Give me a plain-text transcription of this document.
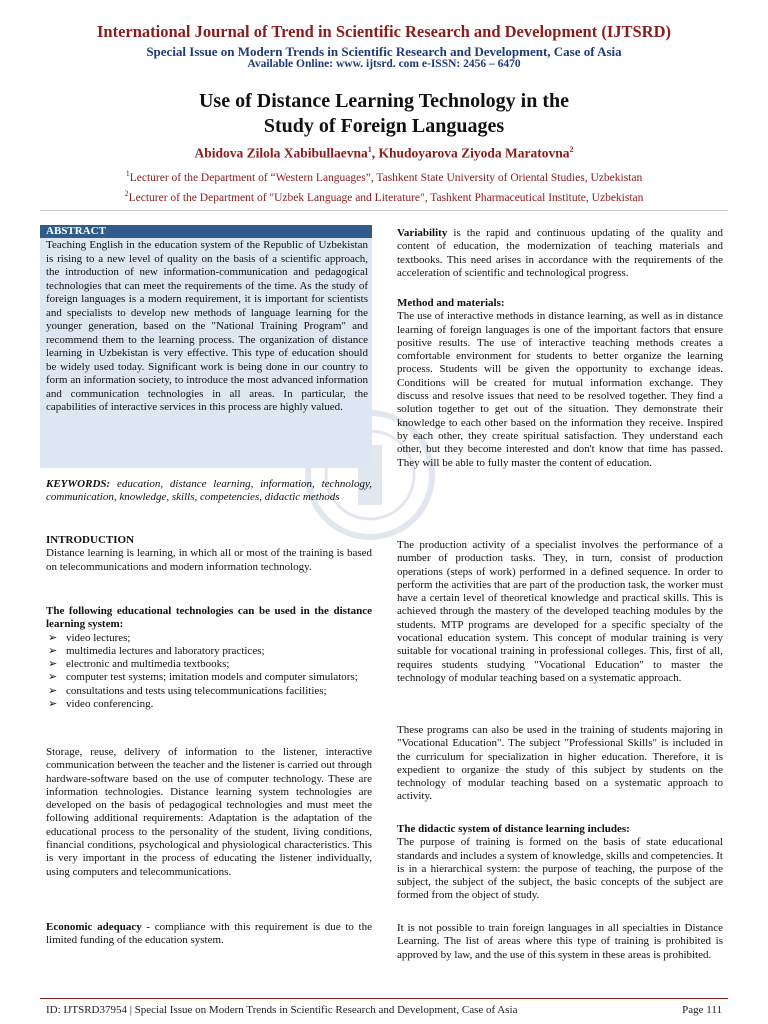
International Journal of Trend in Scientific Research and Development (IJTSRD)
Special Issue on Modern Trends in Scientific Research and Development, Case of Asia
Available Online: www. ijtsrd. com e-ISSN: 2456 – 6470
Use of Distance Learning Technology in the
Study of Foreign Languages
Abidova Zilola Xabibullaevna$^1$, Khudoyarova Ziyoda Maratovna$^2$
$^1$Lecturer of the Department of “Western Languages”, Tashkent State University of Oriental Studies, Uzbekistan
$^2$Lecturer of the Department of "Uzbek Language and Literature", Tashkent Pharmaceutical Institute, Uzbekistan
ABSTRACT
Teaching English in the education system of the Republic of Uzbekistan is rising to a new level of quality on the basis of a scientific approach, the introduction of new information-communication and pedagogical technologies that can meet the requirements of the time. As the study of foreign languages is a modern requirement, it is important for scientists and specialists to develop new methods of language learning for the younger generation, based on the "National Training Program" and recommend them to the learning process. The organization of distance learning in Uzbekistan is very effective. This type of education should be widely used today. Significant work is being done in our country to form an information society, to introduce the most advanced information and communication technologies in all areas. In particular, the capabilities of interactive services in this process are highly valued.
KEYWORDS: education, distance learning, information, technology, communication, knowledge, skills, competencies, didactic methods

INTRODUCTION

Distance learning is learning, in which all or most of the training is based on telecommunications and modern information technology.

The following educational technologies can be used in the distance learning system:

➢ video lectures;
➢ multimedia lectures and laboratory practices;
➢ electronic and multimedia textbooks;
➢ computer test systems; imitation models and computer simulators;
➢ consultations and tests using telecommunications facilities;
➢ video conferencing.
Storage, reuse, delivery of information to the listener, interactive communication between the teacher and the listener is carried out through hardware-software based on the use of computer technology. These are information technologies. Distance learning system technologies are developed on the basis of pedagogical technologies and must meet the following additional requirements: Adaptation is the adaptation of the educational process to the personality of the student, living conditions, financial conditions, psychological and physiological characteristics. This is very important in the process of educating the listener individually, using computers and telecommunications.
Economic adequacy - compliance with this requirement is due to the limited funding of the education system.
Variability is the rapid and continuous updating of the quality and content of education, the modernization of teaching materials and textbooks. This need arises in accordance with the requirements of the acceleration of scientific and technological progress.

Method and materials:

The use of interactive methods in distance learning, as well as in distance learning of foreign languages is one of the important factors that ensure positive results. The use of interactive teaching methods creates a comfortable environment for students to better organize the learning process. Students will be given the opportunity to exchange ideas. Conditions will be created for mutual information exchange. They discuss and resolve issues that need to be resolved together. They find a solution together to get out of the situation. They demonstrate their knowledge to each other based on the information they receive. Inspired by each other, they create spiritual satisfaction. They understand each other, but they become interested and don't know that time has passed. They will be able to fully master the content of education.

The production activity of a specialist involves the performance of a number of production tasks. They, in turn, consist of production operations (steps of work) performed in a defined sequence. In order to perform the activities that are part of the production task, the worker must have a certain level of theoretical knowledge and practical skills. This is achieved through the mastery of the developed teaching modules by the students. MTP programs are developed for a specific specialty of the vocational education system. This concept of modular training is very suitable for vocational training in professional colleges. This, first of all, requires students studying "Vocational Education" to master the technology of modular teaching based on a systematic approach.
These programs can also be used in the training of students majoring in "Vocational Education". The subject "Professional Skills" is included in the curriculum for specialization in higher education. Therefore, it is expedient to organize the study of this subject by students on the technology of modular teaching based on a systematic approach to activity.

The didactic system of distance learning includes:

The purpose of training is formed on the basis of state educational standards and includes a system of knowledge, skills and competencies. It is in a hierarchical system: the purpose of teaching, the purpose of the subject, the subject of the subject, the basic concepts of the subject are formed from the object of study.

It is not possible to train foreign languages in all specialties in Distance Learning. The list of areas where this type of training is prohibited is approved by law, and the use of this system in these areas is prohibited.
ID: IJTSRD37954 | Special Issue on Modern Trends in Scientific Research and Development, Case of Asia	Page 111
